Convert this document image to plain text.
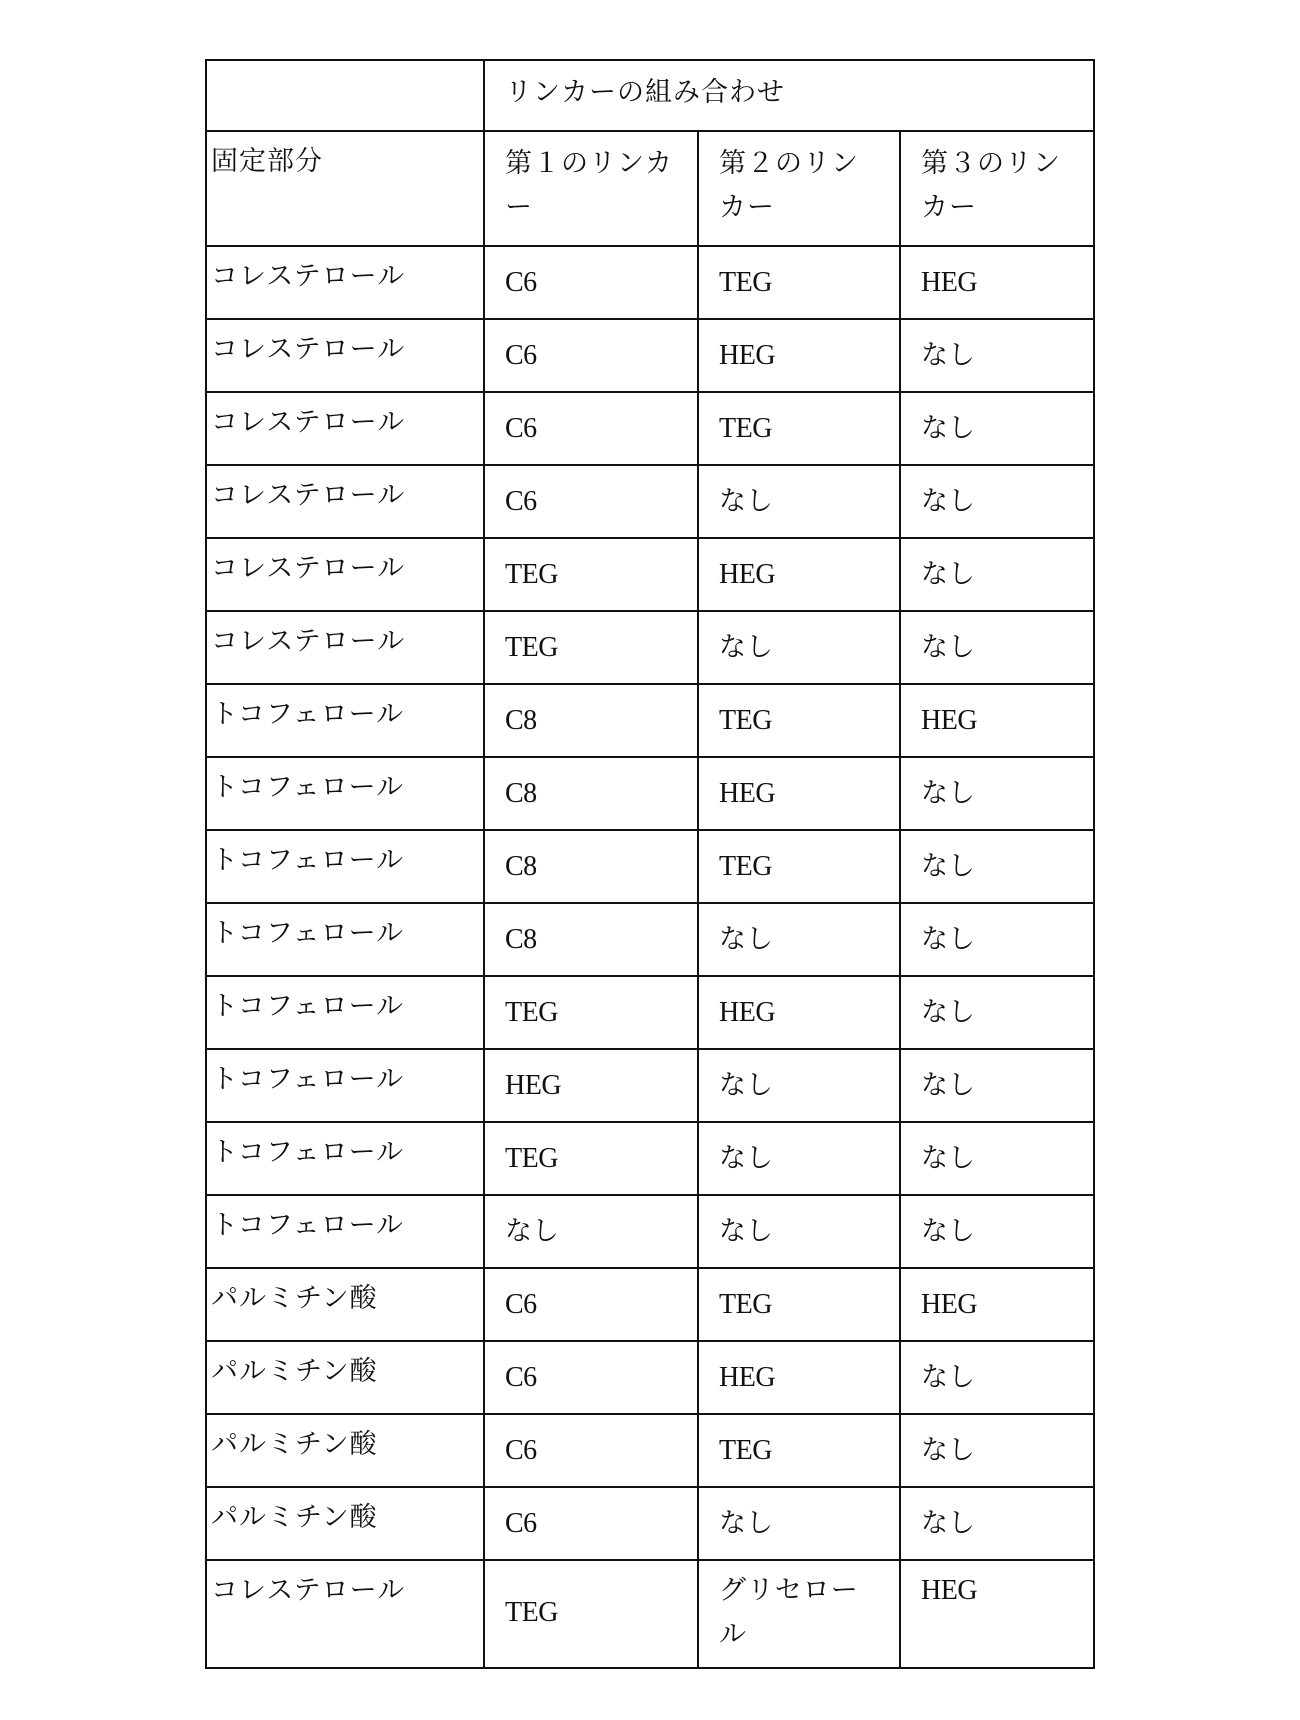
	リンカーの組み合わせ		

固定部分	第１のリンカー	第２のリンカー	第３のリンカー

コレステロール	C6	TEG	HEG

コレステロール	C6	HEG	なし

コレステロール	C6	TEG	なし

コレステロール	C6	なし	なし

コレステロール	TEG	HEG	なし

コレステロール	TEG	なし	なし

トコフェロール	C8	TEG	HEG

トコフェロール	C8	HEG	なし

トコフェロール	C8	TEG	なし

トコフェロール	C8	なし	なし

トコフェロール	TEG	HEG	なし

トコフェロール	HEG	なし	なし

トコフェロール	TEG	なし	なし

トコフェロール	なし	なし	なし

パルミチン酸	C6	TEG	HEG

パルミチン酸	C6	HEG	なし

パルミチン酸	C6	TEG	なし

パルミチン酸	C6	なし	なし

コレステロール	TEG	グリセロール	HEG
